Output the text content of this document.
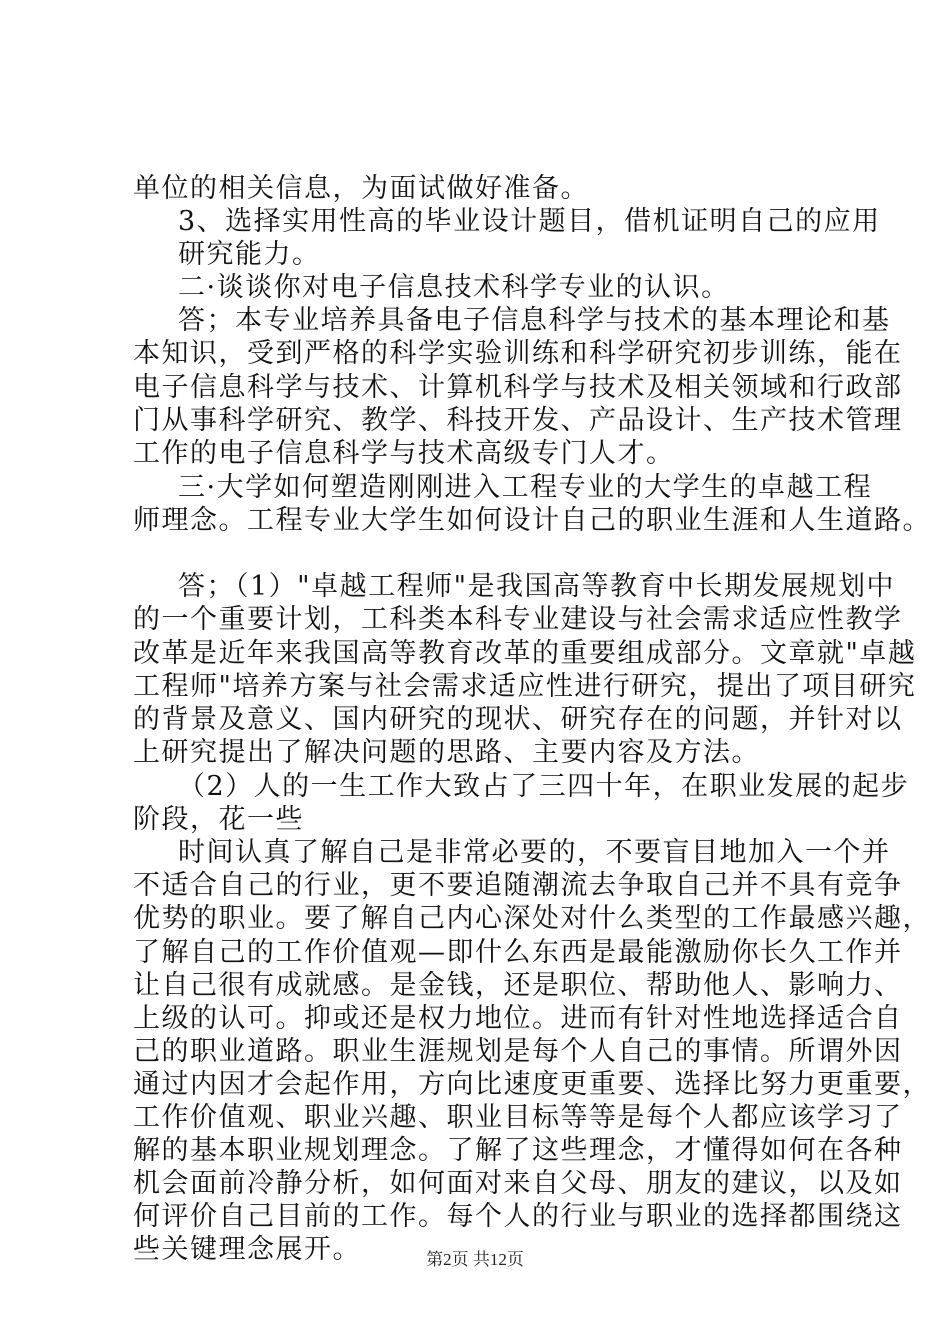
单位的相关信息，为面试做好准备。
3、选择实用性高的毕业设计题目，借机证明自己的应用
研究能力。
二·谈谈你对电子信息技术科学专业的认识。
答；本专业培养具备电子信息科学与技术的基本理论和基
本知识，受到严格的科学实验训练和科学研究初步训练，能在
电子信息科学与技术、计算机科学与技术及相关领域和行政部
门从事科学研究、教学、科技开发、产品设计、生产技术管理
工作的电子信息科学与技术高级专门人才。
三·大学如何塑造刚刚进入工程专业的大学生的卓越工程
师理念。工程专业大学生如何设计自己的职业生涯和人生道路。
答；（1）"卓越工程师"是我国高等教育中长期发展规划中
的一个重要计划，工科类本科专业建设与社会需求适应性教学
改革是近年来我国高等教育改革的重要组成部分。文章就"卓越
工程师"培养方案与社会需求适应性进行研究，提出了项目研究
的背景及意义、国内研究的现状、研究存在的问题，并针对以
上研究提出了解决问题的思路、主要内容及方法。
（2）人的一生工作大致占了三四十年，在职业发展的起步
阶段，花一些
时间认真了解自己是非常必要的，不要盲目地加入一个并
不适合自己的行业，更不要追随潮流去争取自己并不具有竞争
优势的职业。要了解自己内心深处对什么类型的工作最感兴趣，
了解自己的工作价值观—即什么东西是最能激励你长久工作并
让自己很有成就感。是金钱，还是职位、帮助他人、影响力、
上级的认可。抑或还是权力地位。进而有针对性地选择适合自
己的职业道路。职业生涯规划是每个人自己的事情。所谓外因
通过内因才会起作用，方向比速度更重要、选择比努力更重要，
工作价值观、职业兴趣、职业目标等等是每个人都应该学习了
解的基本职业规划理念。了解了这些理念，才懂得如何在各种
机会面前冷静分析，如何面对来自父母、朋友的建议，以及如
何评价自己目前的工作。每个人的行业与职业的选择都围绕这
些关键理念展开。	第2页 共12页
